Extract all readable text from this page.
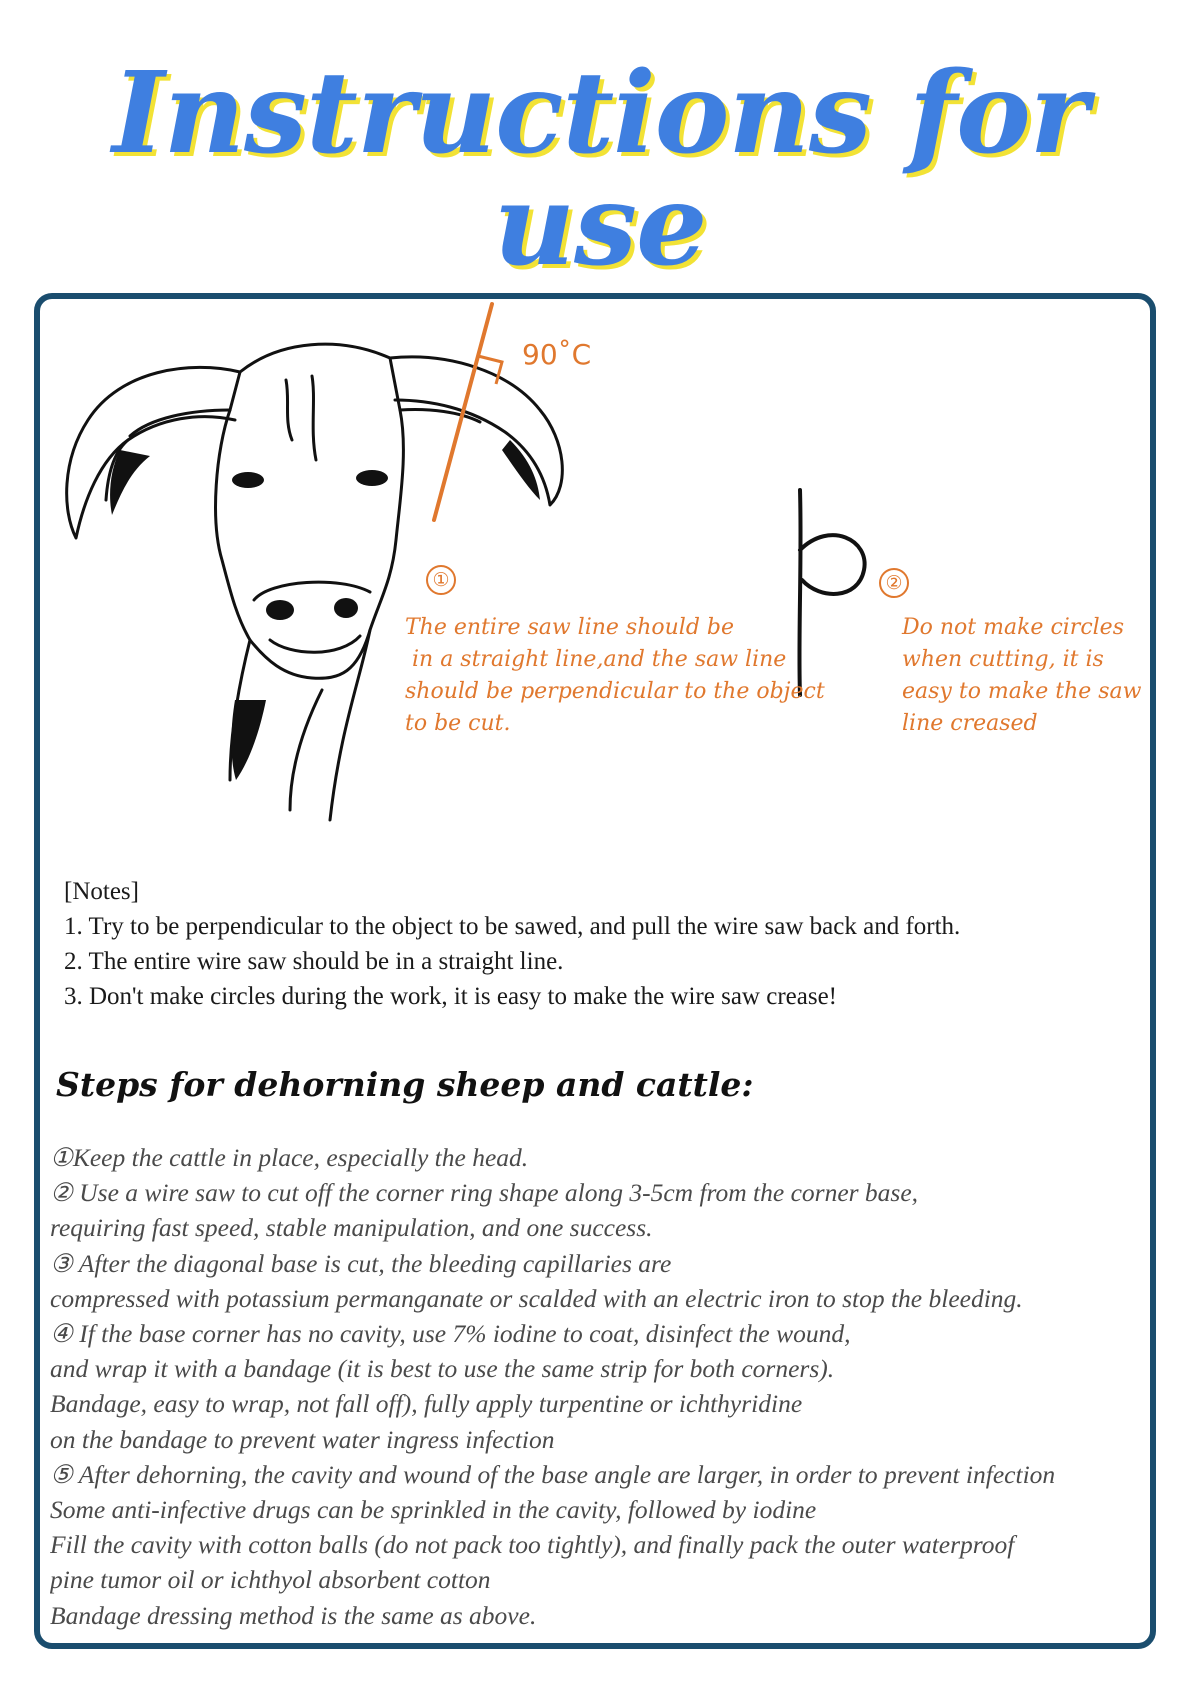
Instructions for use
90˚C
①	②

The entire saw line should be
in a straight line,and the saw line
should be perpendicular to the object
to be cut.

Do not make circles
when cutting, it is
easy to make the saw
line creased

[Notes]
1. Try to be perpendicular to the object to be sawed, and pull the wire saw back and forth.
2. The entire wire saw should be in a straight line.
3. Don't make circles during the work, it is easy to make the wire saw crease!
Steps for dehorning sheep and cattle:
①Keep the cattle in place, especially the head.
② Use a wire saw to cut off the corner ring shape along 3-5cm from the corner base,
requiring fast speed, stable manipulation, and one success.
③ After the diagonal base is cut, the bleeding capillaries are
compressed with potassium permanganate or scalded with an electric iron to stop the bleeding.
④ If the base corner has no cavity, use 7% iodine to coat, disinfect the wound,
and wrap it with a bandage (it is best to use the same strip for both corners).
Bandage, easy to wrap, not fall off), fully apply turpentine or ichthyridine
on the bandage to prevent water ingress infection
⑤ After dehorning, the cavity and wound of the base angle are larger, in order to prevent infection
Some anti-infective drugs can be sprinkled in the cavity, followed by iodine
Fill the cavity with cotton balls (do not pack too tightly), and finally pack the outer waterproof
pine tumor oil or ichthyol absorbent cotton
Bandage dressing method is the same as above.
